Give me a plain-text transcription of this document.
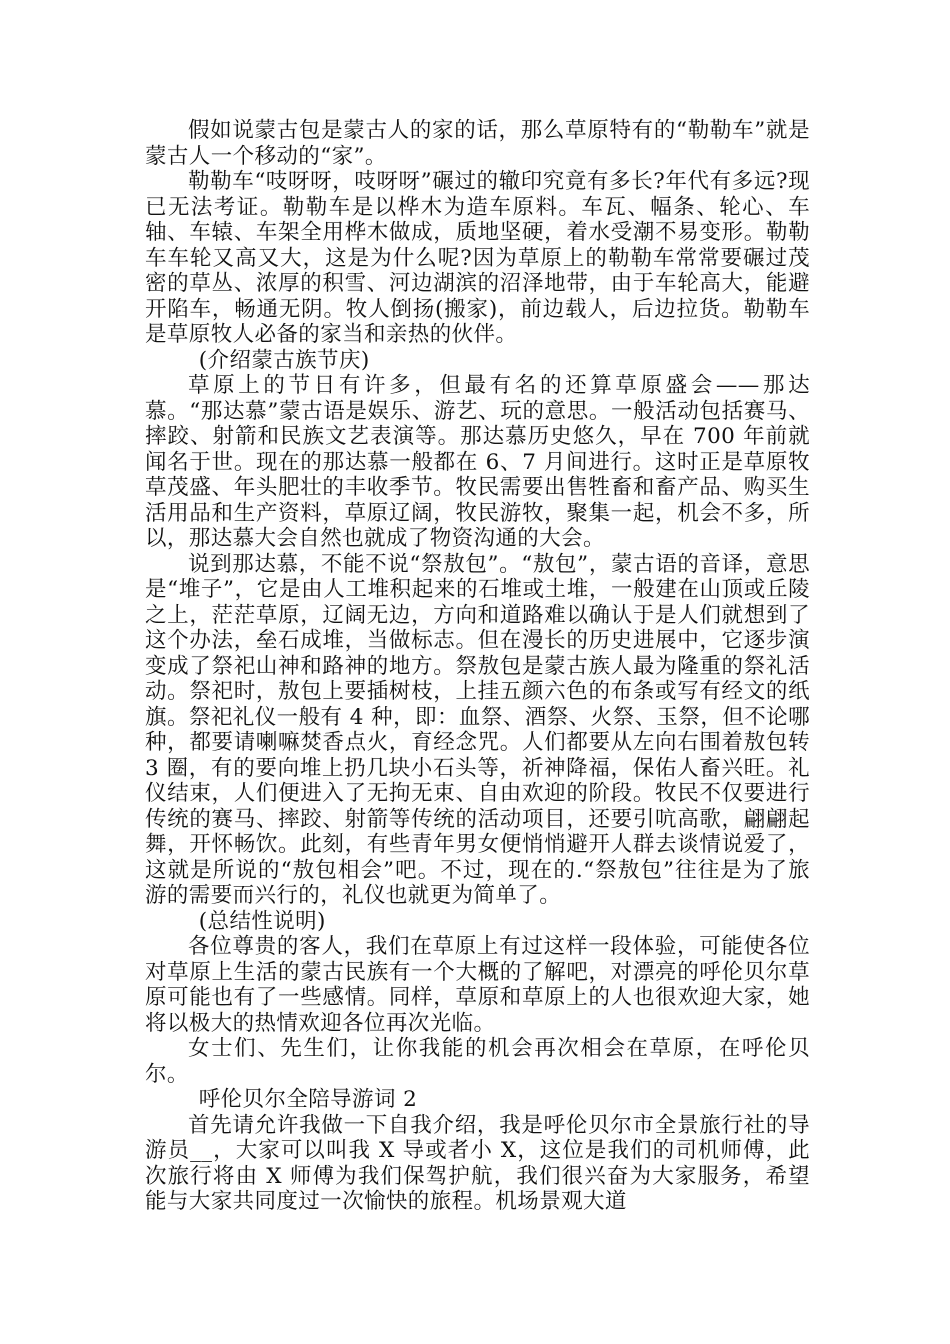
假如说蒙古包是蒙古人的家的话，那么草原特有的“勒勒车”就是蒙古人一个移动的“家”。

勒勒车“吱呀呀，吱呀呀”碾过的辙印究竟有多长?年代有多远?现已无法考证。勒勒车是以桦木为造车原料。车瓦、幅条、轮心、车轴、车辕、车架全用桦木做成，质地坚硬，着水受潮不易变形。勒勒车车轮又高又大，这是为什么呢?因为草原上的勒勒车常常要碾过茂密的草丛、浓厚的积雪、河边湖滨的沼泽地带，由于车轮高大，能避开陷车，畅通无阴。牧人倒扬(搬家)，前边载人，后边拉货。勒勒车是草原牧人必备的家当和亲热的伙伴。

(介绍蒙古族节庆)

草原上的节日有许多，但最有名的还算草原盛会——那达慕。“那达慕”蒙古语是娱乐、游艺、玩的意思。一般活动包括赛马、摔跤、射箭和民族文艺表演等。那达慕历史悠久，早在 700 年前就闻名于世。现在的那达慕一般都在 6、7 月间进行。这时正是草原牧草茂盛、年头肥壮的丰收季节。牧民需要出售牲畜和畜产品、购买生活用品和生产资料，草原辽阔，牧民游牧，聚集一起，机会不多，所以，那达慕大会自然也就成了物资沟通的大会。

说到那达慕，不能不说“祭敖包”。“敖包”，蒙古语的音译，意思是“堆子”，它是由人工堆积起来的石堆或土堆，一般建在山顶或丘陵之上，茫茫草原，辽阔无边，方向和道路难以确认于是人们就想到了这个办法，垒石成堆，当做标志。但在漫长的历史进展中，它逐步演变成了祭祀山神和路神的地方。祭敖包是蒙古族人最为隆重的祭礼活动。祭祀时，敖包上要插树枝，上挂五颜六色的布条或写有经文的纸旗。祭祀礼仪一般有 4 种，即：血祭、酒祭、火祭、玉祭，但不论哪种，都要请喇嘛焚香点火，育经念咒。人们都要从左向右围着敖包转 3 圈，有的要向堆上扔几块小石头等，祈神降福，保佑人畜兴旺。礼仪结束，人们便进入了无拘无束、自由欢迎的阶段。牧民不仅要进行传统的赛马、摔跤、射箭等传统的活动项目，还要引吭高歌，翩翩起舞，开怀畅饮。此刻，有些青年男女便悄悄避开人群去谈情说爱了，这就是所说的“敖包相会”吧。不过，现在的.“祭敖包”往往是为了旅游的需要而兴行的，礼仪也就更为简单了。

(总结性说明)

各位尊贵的客人，我们在草原上有过这样一段体验，可能使各位对草原上生活的蒙古民族有一个大概的了解吧，对漂亮的呼伦贝尔草原可能也有了一些感情。同样，草原和草原上的人也很欢迎大家，她将以极大的热情欢迎各位再次光临。

女士们、先生们，让你我能的机会再次相会在草原，在呼伦贝尔。

呼伦贝尔全陪导游词 2

首先请允许我做一下自我介绍，我是呼伦贝尔市全景旅行社的导游员__，大家可以叫我 X 导或者小 X，这位是我们的司机师傅，此次旅行将由 X 师傅为我们保驾护航，我们很兴奋为大家服务，希望能与大家共同度过一次愉快的旅程。机场景观大道
